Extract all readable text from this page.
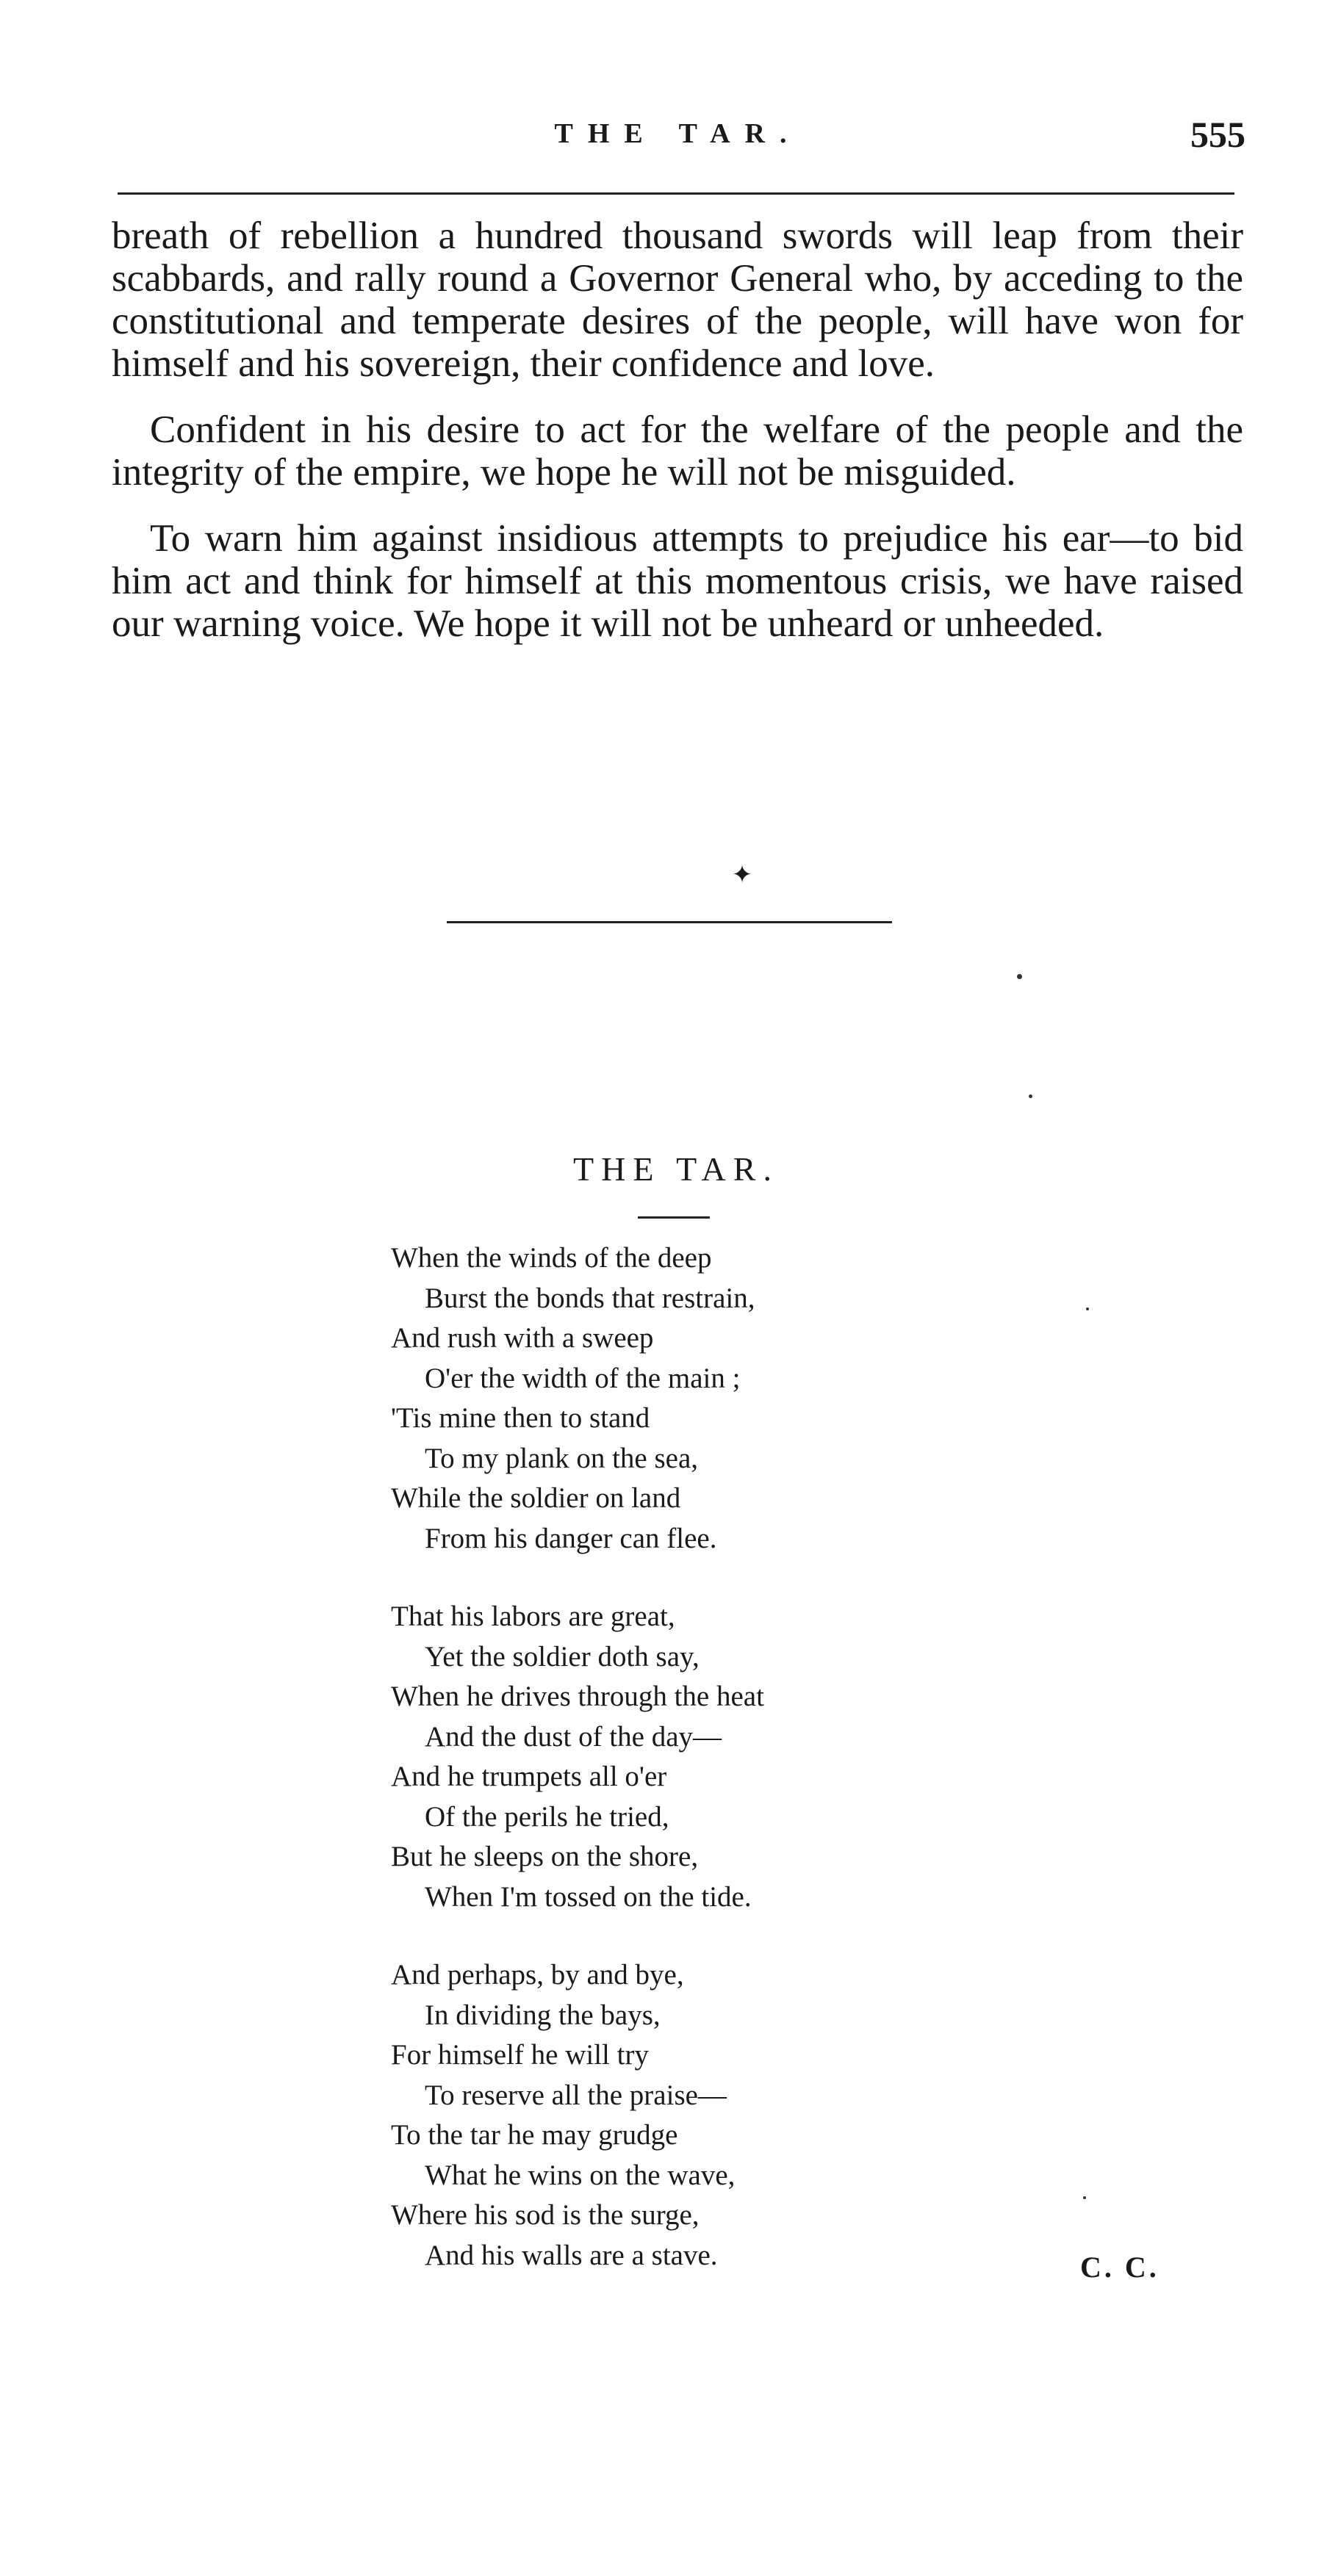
THE TAR.	555

breath of rebellion a hundred thousand swords will leap from their scabbards, and rally round a Governor General who, by acceding to the constitutional and temperate desires of the people, will have won for himself and his sovereign, their confidence and love.

Confident in his desire to act for the welfare of the people and the integrity of the empire, we hope he will not be misguided.

To warn him against insidious attempts to prejudice his ear—to bid him act and think for himself at this momentous crisis, we have raised our warning voice. We hope it will not be unheard or unheeded.

✦
THE TAR.
When the winds of the deep
Burst the bonds that restrain,
And rush with a sweep
O'er the width of the main ;
'Tis mine then to stand
To my plank on the sea,
While the soldier on land
From his danger can flee.
That his labors are great,
Yet the soldier doth say,
When he drives through the heat
And the dust of the day—
And he trumpets all o'er
Of the perils he tried,
But he sleeps on the shore,
When I'm tossed on the tide.
And perhaps, by and bye,
In dividing the bays,
For himself he will try
To reserve all the praise—
To the tar he may grudge
What he wins on the wave,
Where his sod is the surge,
And his walls are a stave.	C. C.
